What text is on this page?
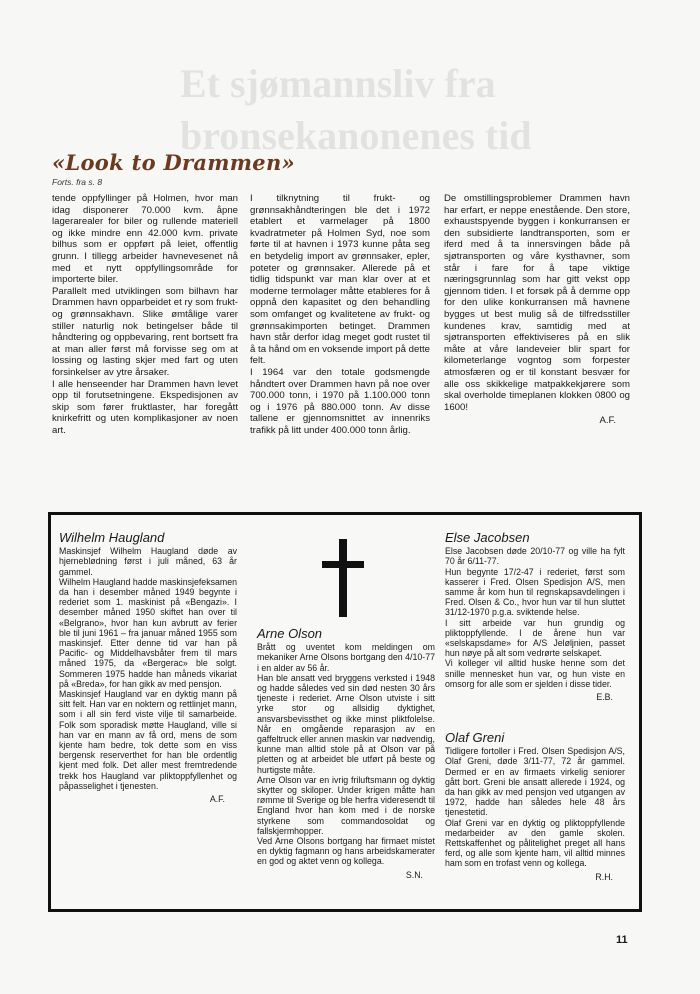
Et sjømannsliv fra
bronsekanonenes tid
«Look to Drammen»
Forts. fra s. 8

tende oppfyllinger på Holmen, hvor man idag disponerer 70.000 kvm. åpne lagerarealer for biler og rullende materiell og ikke mindre enn 42.000 kvm. private bilhus som er oppført på leiet, offentlig grunn. I tillegg arbeider havnevesenet nå med et nytt oppfyllingsområde for importerte biler.

Parallelt med utviklingen som bilhavn har Drammen havn opparbeidet et ry som frukt- og grønnsakhavn. Slike ømtålige varer stiller naturlig nok betingelser både til håndtering og oppbevaring, rent bortsett fra at man aller først må forvisse seg om at lossing og lasting skjer med fart og uten forsinkelser av ytre årsaker.

I alle henseender har Drammen havn levet opp til forutsetningene. Ekspedisjonen av skip som fører fruktlaster, har foregått knirkefritt og uten komplikasjoner av noen art.

I tilknytning til frukt- og grønnsakhåndteringen ble det i 1972 etablert et varmelager på 1800 kvadratmeter på Holmen Syd, noe som førte til at havnen i 1973 kunne påta seg en betydelig import av grønnsaker, epler, poteter og grønnsaker. Allerede på et tidlig tidspunkt var man klar over at et moderne termolager måtte etableres for å oppnå den kapasitet og den behandling som omfanget og kvalitetene av frukt- og grønnsakimporten betinget. Drammen havn står derfor idag meget godt rustet til å ta hånd om en voksende import på dette felt.

I 1964 var den totale godsmengde håndtert over Drammen havn på noe over 700.000 tonn, i 1970 på 1.100.000 tonn og i 1976 på 880.000 tonn. Av disse tallene er gjennomsnittet av innenriks trafikk på litt under 400.000 tonn årlig.

De omstillingsproblemer Drammen havn har erfart, er neppe enestående. Den store, exhaustspyende byggen i konkurransen er den subsidierte landtransporten, som er iferd med å ta innersvingen både på sjøtransporten og våre kysthavner, som står i fare for å tape viktige næringsgrunnlag som har gitt vekst opp gjennom tiden. I et forsøk på å demme opp for den ulike konkurransen må havnene bygges ut best mulig så de tilfredsstiller kundenes krav, samtidig med at sjøtransporten effektiviseres på en slik måte at våre landeveier blir spart for kilometerlange vogntog som forpester atmosfæren og er til konstant besvær for alle oss skikkelige matpakkekjørere som skal overholde timeplanen klokken 0800 og 1600!

A.F.
Wilhelm Haugland

Maskinsjef Wilhelm Haugland døde av hjerneblødning først i juli måned, 63 år gammel.

Wilhelm Haugland hadde maskinsjefeksamen da han i desember måned 1949 begynte i rederiet som 1. maskinist på «Bengazi». I desember måned 1950 skiftet han over til «Belgrano», hvor han kun avbrutt av ferier ble til juni 1961 – fra januar måned 1955 som maskinsjef. Etter denne tid var han på Pacific- og Middelhavsbåter frem til mars måned 1975, da «Bergerac» ble solgt. Sommeren 1975 hadde han måneds vikariat på «Breda», for han gikk av med pensjon.

Maskinsjef Haugland var en dyktig mann på sitt felt. Han var en noktern og rettlinjet mann, som i all sin ferd viste vilje til samarbeide. Folk som sporadisk møtte Haugland, ville si han var en mann av få ord, mens de som kjente ham bedre, tok dette som en viss bergensk reserverthet for han ble ordentlig kjent med folk. Det aller mest fremtredende trekk hos Haugland var pliktoppfyllenhet og påpasselighet i tjenesten.

A.F.
Arne Olson

Brått og uventet kom meldingen om mekaniker Arne Olsons bortgang den 4/10-77 i en alder av 56 år.

Han ble ansatt ved bryggens verksted i 1948 og hadde således ved sin død nesten 30 års tjeneste i rederiet. Arne Olson utviste i sitt yrke stor og allsidig dyktighet, ansvarsbevissthet og ikke minst pliktfolelse. Når en omgående reparasjon av en gaffeltruck eller annen maskin var nødvendig, kunne man alltid stole på at Olson var på pletten og at arbeidet ble utført på beste og hurtigste måte.

Arne Olson var en ivrig friluftsmann og dyktig skytter og skiloper. Under krigen måtte han rømme til Sverige og ble herfra videresendt til England hvor han kom med i de norske styrkene som commandosoldat og fallskjermhopper.

Ved Arne Olsons bortgang har firmaet mistet en dyktig fagmann og hans arbeidskamerater en god og aktet venn og kollega.

S.N.
Else Jacobsen

Else Jacobsen døde 20/10-77 og ville ha fylt 70 år 6/11-77.

Hun begynte 17/2-47 i rederiet, først som kasserer i Fred. Olsen Spedisjon A/S, men samme år kom hun til regnskapsavdelingen i Fred. Olsen & Co., hvor hun var til hun sluttet 31/12-1970 p.g.a. sviktende helse.

I sitt arbeide var hun grundig og pliktoppfyllende. I de årene hun var «selskapsdame» for A/S Jeløljnien, passet hun nøye på alt som vedrørte selskapet.

Vi kolleger vil alltid huske henne som det snille mennesket hun var, og hun viste en omsorg for alle som er sjelden i disse tider.

E.B.
Olaf Greni

Tidligere fortoller i Fred. Olsen Spedisjon A/S, Olaf Greni, døde 3/11-77, 72 år gammel. Dermed er en av firmaets virkelig seniorer gått bort. Greni ble ansatt allerede i 1924, og da han gikk av med pensjon ved utgangen av 1972, hadde han således hele 48 års tjenestetid.

Olaf Greni var en dyktig og pliktoppfyllende medarbeider av den gamle skolen. Rettskaffenhet og pålitelighet preget all hans ferd, og alle som kjente ham, vil alltid minnes ham som en trofast venn og kollega.

R.H.
11
